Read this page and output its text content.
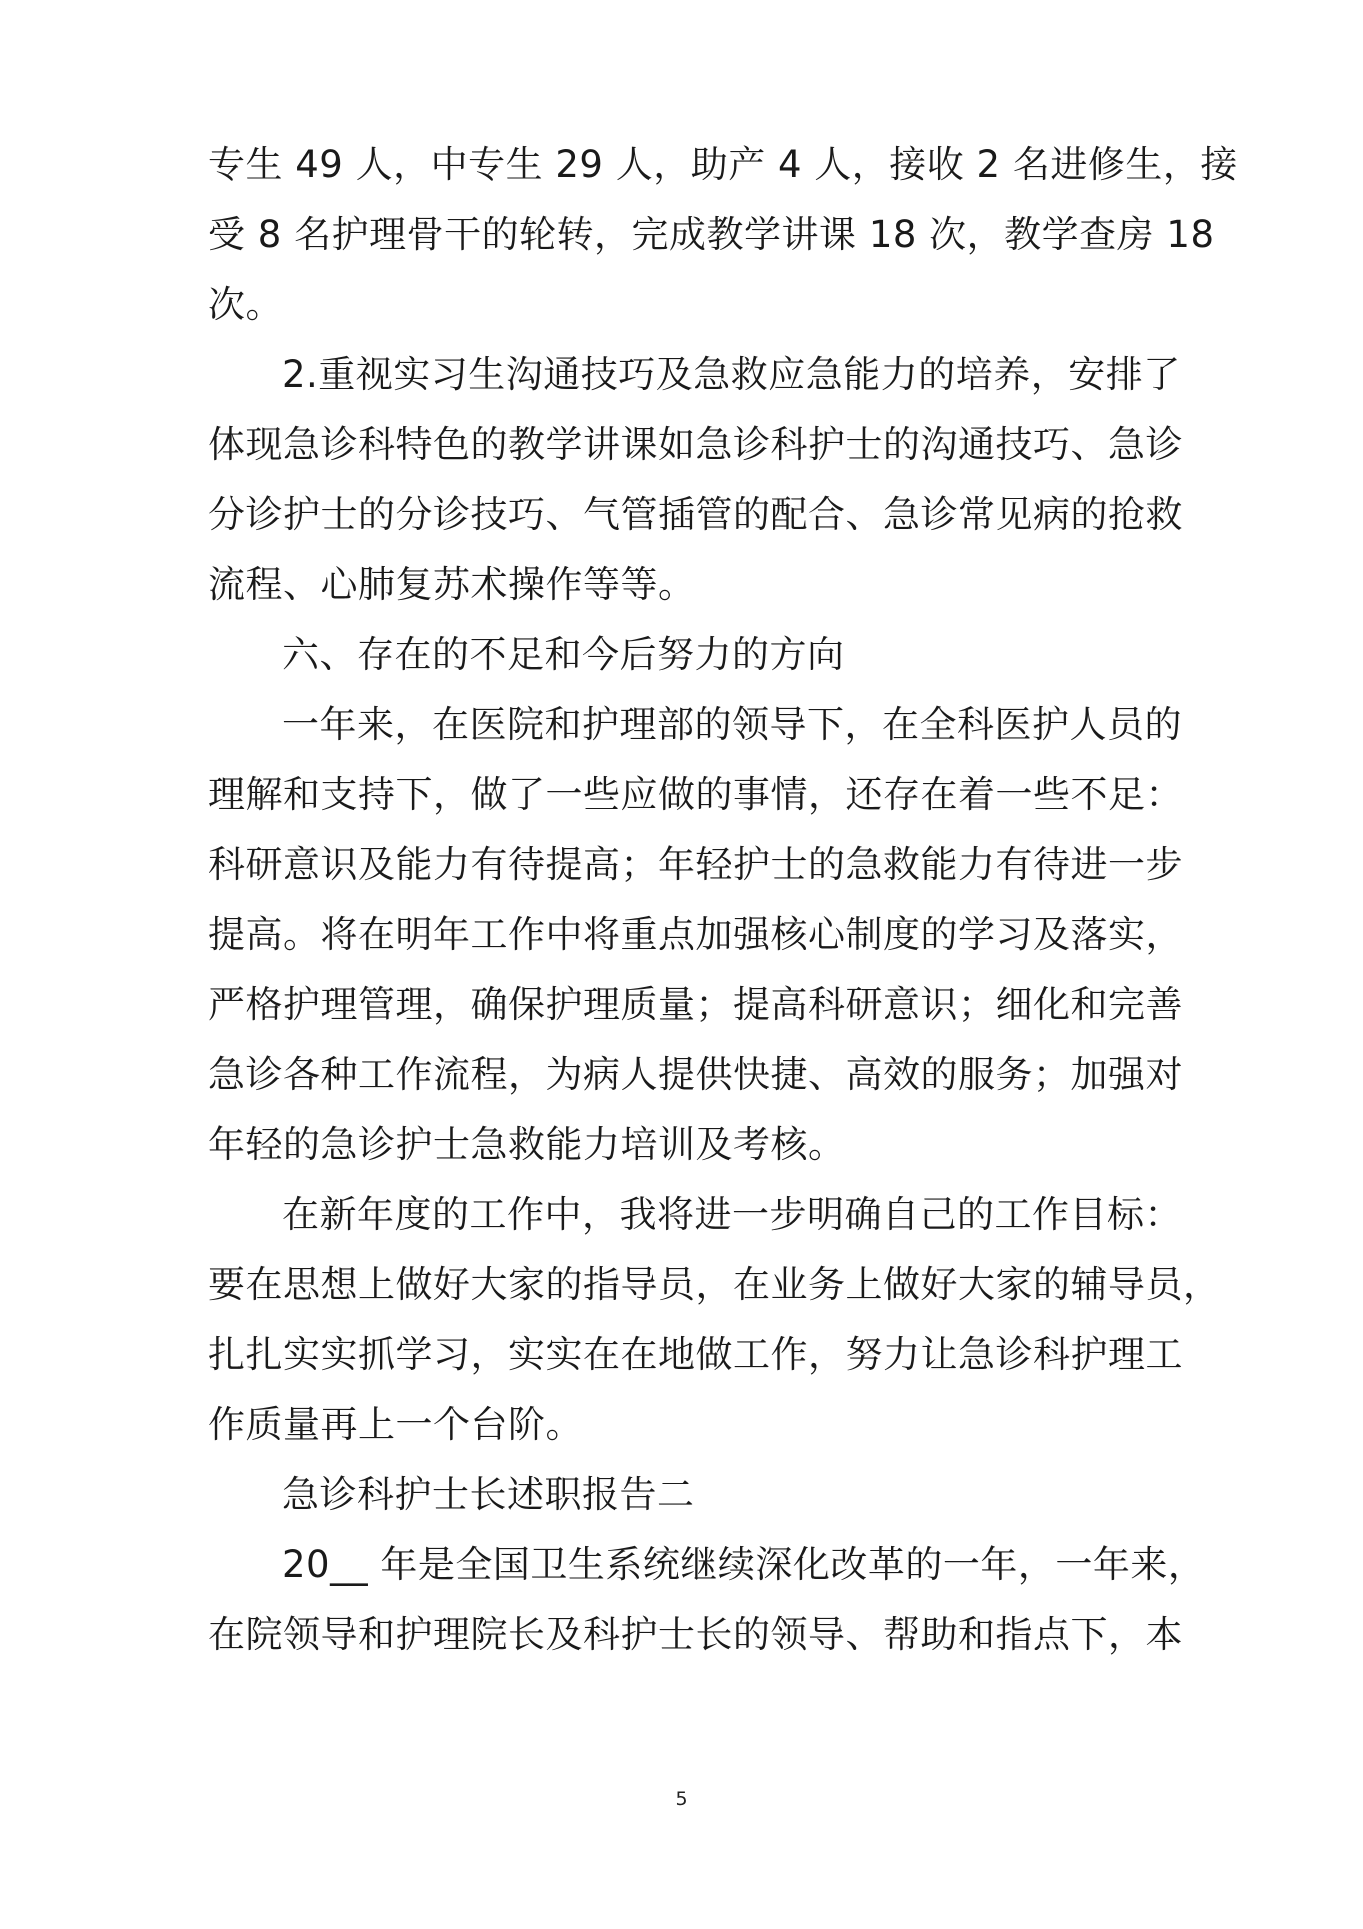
专生 49 人，中专生 29 人，助产 4 人，接收 2 名进修生，接
受 8 名护理骨干的轮转，完成教学讲课 18 次，教学查房 18
次。
2.重视实习生沟通技巧及急救应急能力的培养，安排了
体现急诊科特色的教学讲课如急诊科护士的沟通技巧、急诊
分诊护士的分诊技巧、气管插管的配合、急诊常见病的抢救
流程、心肺复苏术操作等等。
六、存在的不足和今后努力的方向
一年来，在医院和护理部的领导下，在全科医护人员的
理解和支持下，做了一些应做的事情，还存在着一些不足：
科研意识及能力有待提高；年轻护士的急救能力有待进一步
提高。将在明年工作中将重点加强核心制度的学习及落实，
严格护理管理，确保护理质量；提高科研意识；细化和完善
急诊各种工作流程，为病人提供快捷、高效的服务；加强对
年轻的急诊护士急救能力培训及考核。
在新年度的工作中，我将进一步明确自己的工作目标：
要在思想上做好大家的指导员，在业务上做好大家的辅导员，
扎扎实实抓学习，实实在在地做工作，努力让急诊科护理工
作质量再上一个台阶。
急诊科护士长述职报告二
20__ 年是全国卫生系统继续深化改革的一年，一年来，
在院领导和护理院长及科护士长的领导、帮助和指点下，本
5
